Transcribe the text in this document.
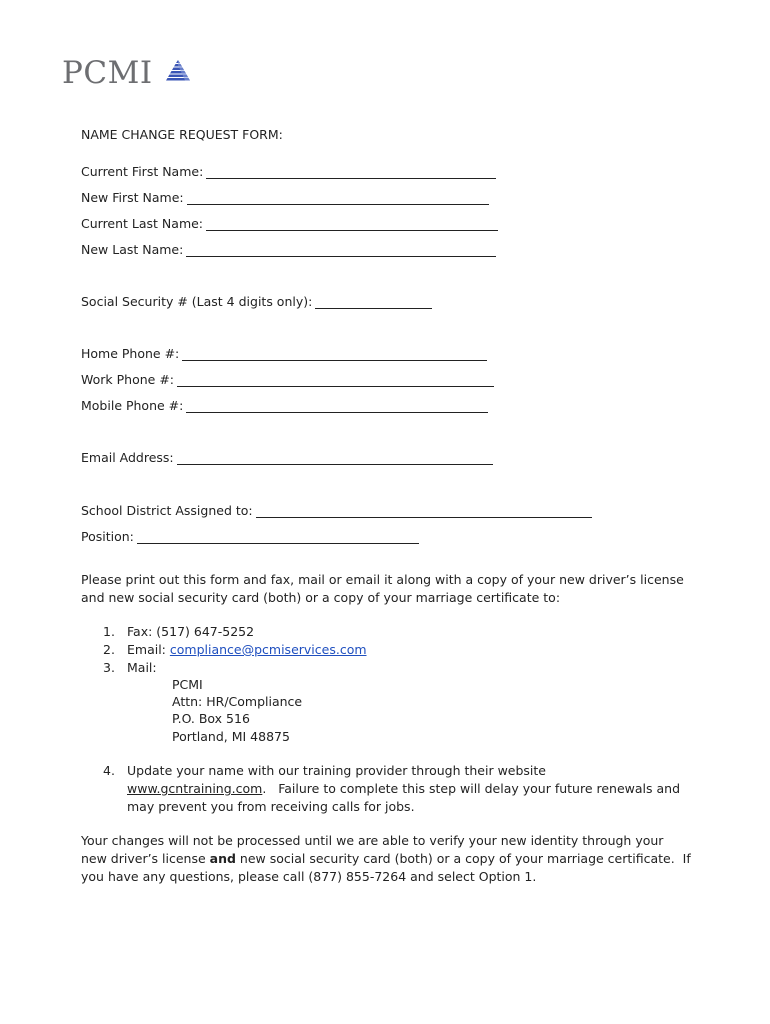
PCMI
NAME CHANGE REQUEST FORM:
Current First Name:
New First Name:
Current Last Name:
New Last Name:
Social Security # (Last 4 digits only):
Home Phone #:
Work Phone #:
Mobile Phone #:
Email Address:
School District Assigned to:
Position:
Please print out this form and fax, mail or email it along with a copy of your new driver’s license and new social security card (both) or a copy of your marriage certificate to:
1. Fax: (517) 647-5252
2. Email: compliance@pcmiservices.com
3. Mail:
PCMI
Attn: HR/Compliance
P.O. Box 516
Portland, MI 48875
4. Update your name with our training provider through their website www.gcntraining.com.   Failure to complete this step will delay your future renewals and may prevent you from receiving calls for jobs.
Your changes will not be processed until we are able to verify your new identity through your new driver’s license and new social security card (both) or a copy of your marriage certificate.  If you have any questions, please call (877) 855-7264 and select Option 1.
